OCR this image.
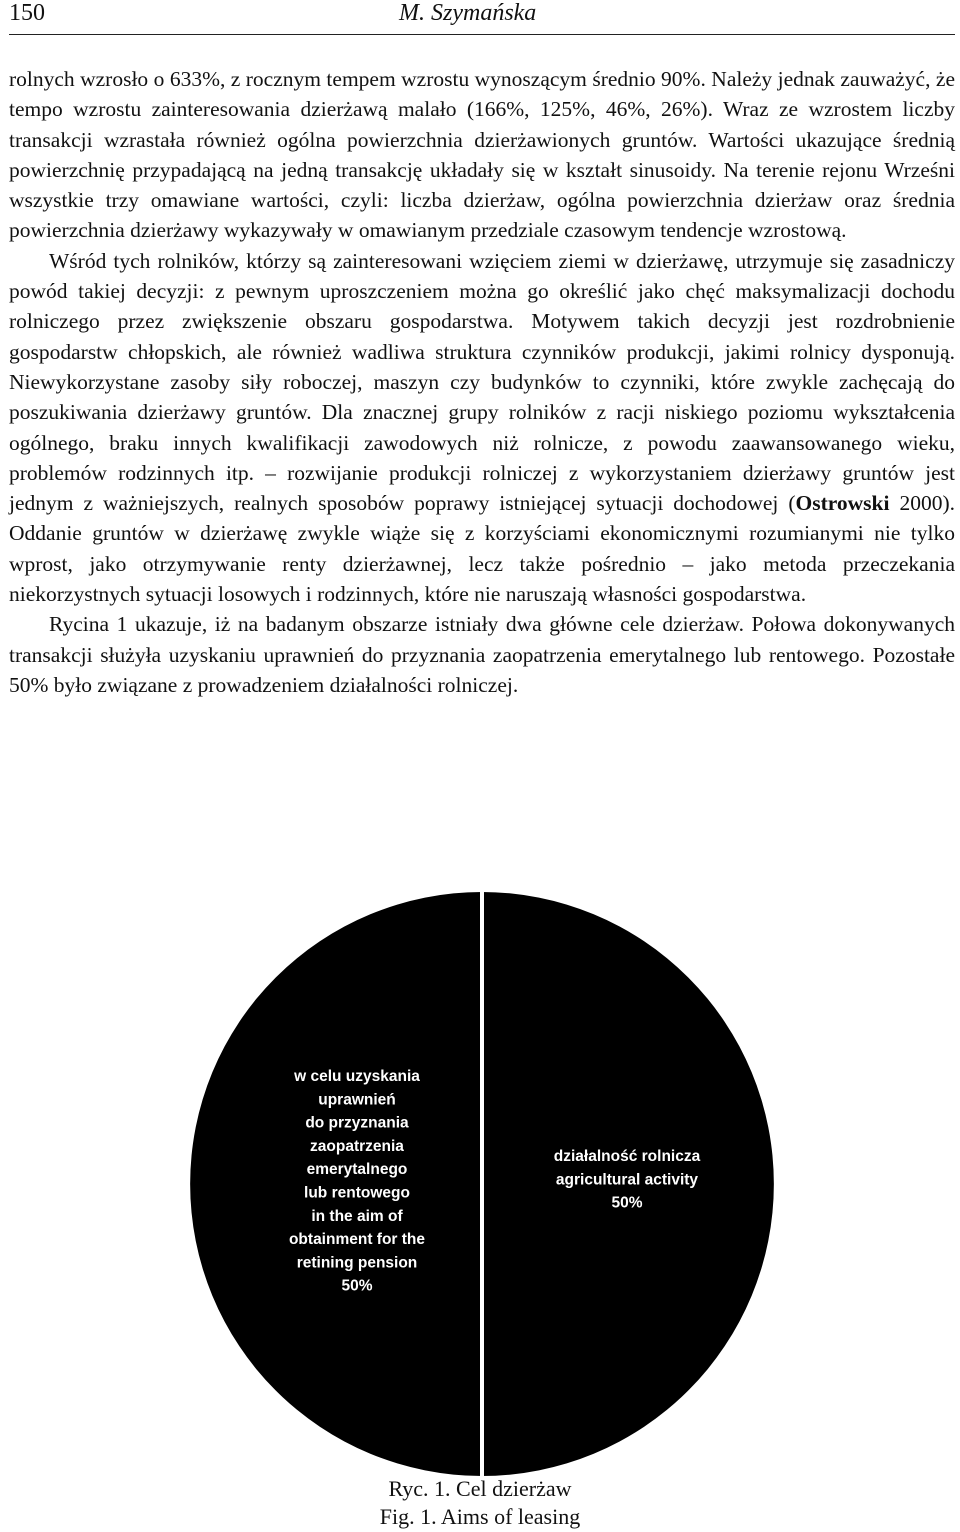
150	M. Szymańska

rolnych wzrosło o 633%, z rocznym tempem wzrostu wynoszącym średnio 90%. Należy jednak zauważyć, że tempo wzrostu zainteresowania dzierżawą malało (166%, 125%, 46%, 26%). Wraz ze wzrostem liczby transakcji wzrastała również ogólna powierzchnia dzierżawionych gruntów. Wartości ukazujące średnią powierzchnię przypadającą na jedną transakcję układały się w kształt sinusoidy. Na terenie rejonu Wrześni wszystkie trzy omawiane wartości, czyli: liczba dzierżaw, ogólna powierzchnia dzierżaw oraz średnia powierzchnia dzierżawy wykazywały w omawianym przedziale czasowym tendencje wzrostową.

Wśród tych rolników, którzy są zainteresowani wzięciem ziemi w dzierżawę, utrzymuje się zasadniczy powód takiej decyzji: z pewnym uproszczeniem można go określić jako chęć maksymalizacji dochodu rolniczego przez zwiększenie obszaru gospodarstwa. Motywem takich decyzji jest rozdrobnienie gospodarstw chłopskich, ale również wadliwa struktura czynników produkcji, jakimi rolnicy dysponują. Niewykorzystane zasoby siły roboczej, maszyn czy budynków to czynniki, które zwykle zachęcają do poszukiwania dzierżawy gruntów. Dla znacznej grupy rolników z racji niskiego poziomu wykształcenia ogólnego, braku innych kwalifikacji zawodowych niż rolnicze, z powodu zaawansowanego wieku, problemów rodzinnych itp. – rozwijanie produkcji rolniczej z wykorzystaniem dzierżawy gruntów jest jednym z ważniejszych, realnych sposobów poprawy istniejącej sytuacji dochodowej (Ostrowski 2000). Oddanie gruntów w dzierżawę zwykle wiąże się z korzyściami ekonomicznymi rozumianymi nie tylko wprost, jako otrzymywanie renty dzierżawnej, lecz także pośrednio – jako metoda przeczekania niekorzystnych sytuacji losowych i rodzinnych, które nie naruszają własności gospodarstwa.

Rycina 1 ukazuje, iż na badanym obszarze istniały dwa główne cele dzierżaw. Połowa dokonywanych transakcji służyła uzyskaniu uprawnień do przyznania zaopatrzenia emerytalnego lub rentowego. Pozostałe 50% było związane z prowadzeniem działalności rolniczej.

w celu uzyskania uprawnień do przyznania zaopatrzenia emerytalnego lub rentowego in the aim of obtainment for the retining pension 50%
działalność rolnicza agricultural activity 50%
Ryc. 1. Cel dzierżaw
Fig. 1. Aims of leasing
